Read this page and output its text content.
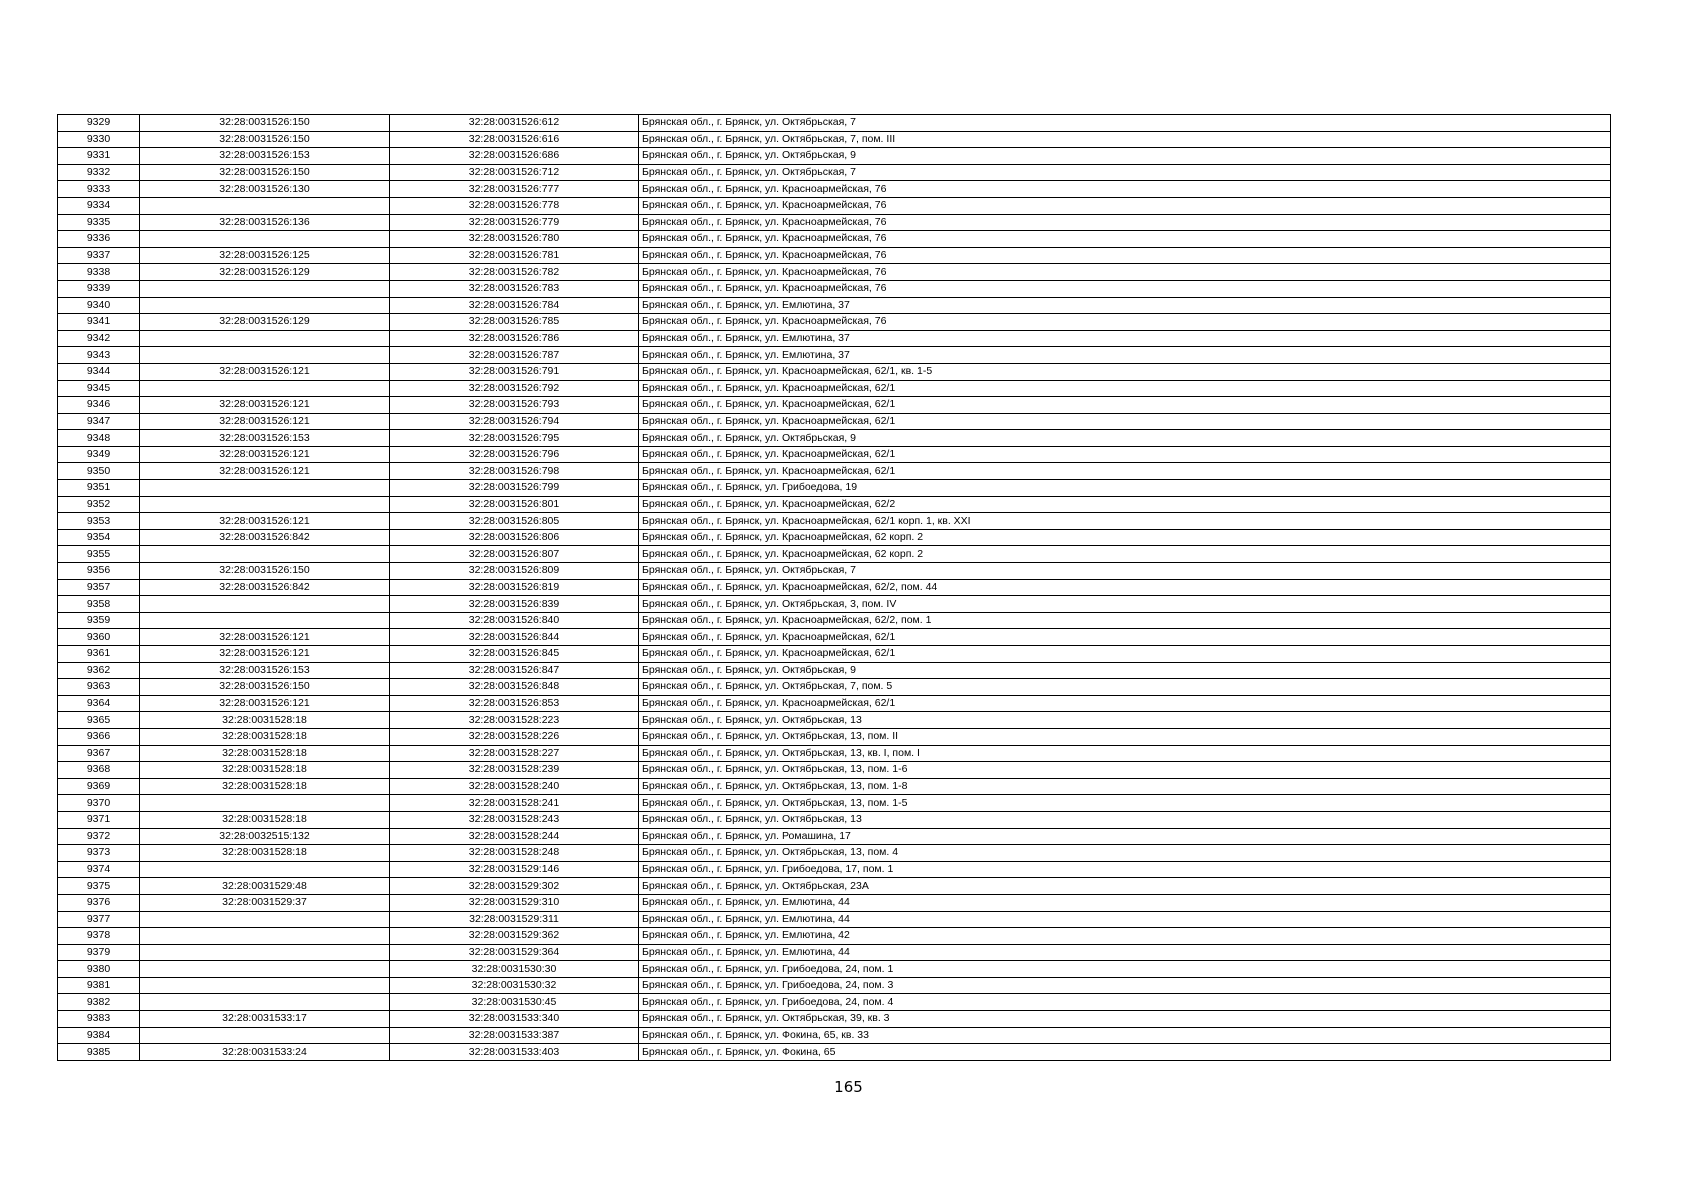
9329	32:28:0031526:150	32:28:0031526:612	Брянская обл., г. Брянск, ул. Октябрьская, 7
9330	32:28:0031526:150	32:28:0031526:616	Брянская обл., г. Брянск, ул. Октябрьская, 7, пом. III
9331	32:28:0031526:153	32:28:0031526:686	Брянская обл., г. Брянск, ул. Октябрьская, 9
9332	32:28:0031526:150	32:28:0031526:712	Брянская обл., г. Брянск, ул. Октябрьская, 7
9333	32:28:0031526:130	32:28:0031526:777	Брянская обл., г. Брянск, ул. Красноармейская, 76
9334		32:28:0031526:778	Брянская обл., г. Брянск, ул. Красноармейская, 76
9335	32:28:0031526:136	32:28:0031526:779	Брянская обл., г. Брянск, ул. Красноармейская, 76
9336		32:28:0031526:780	Брянская обл., г. Брянск, ул. Красноармейская, 76
9337	32:28:0031526:125	32:28:0031526:781	Брянская обл., г. Брянск, ул. Красноармейская, 76
9338	32:28:0031526:129	32:28:0031526:782	Брянская обл., г. Брянск, ул. Красноармейская, 76
9339		32:28:0031526:783	Брянская обл., г. Брянск, ул. Красноармейская, 76
9340		32:28:0031526:784	Брянская обл., г. Брянск, ул. Емлютина, 37
9341	32:28:0031526:129	32:28:0031526:785	Брянская обл., г. Брянск, ул. Красноармейская, 76
9342		32:28:0031526:786	Брянская обл., г. Брянск, ул. Емлютина, 37
9343		32:28:0031526:787	Брянская обл., г. Брянск, ул. Емлютина, 37
9344	32:28:0031526:121	32:28:0031526:791	Брянская обл., г. Брянск, ул. Красноармейская, 62/1, кв. 1-5
9345		32:28:0031526:792	Брянская обл., г. Брянск, ул. Красноармейская, 62/1
9346	32:28:0031526:121	32:28:0031526:793	Брянская обл., г. Брянск, ул. Красноармейская, 62/1
9347	32:28:0031526:121	32:28:0031526:794	Брянская обл., г. Брянск, ул. Красноармейская, 62/1
9348	32:28:0031526:153	32:28:0031526:795	Брянская обл., г. Брянск, ул. Октябрьская, 9
9349	32:28:0031526:121	32:28:0031526:796	Брянская обл., г. Брянск, ул. Красноармейская, 62/1
9350	32:28:0031526:121	32:28:0031526:798	Брянская обл., г. Брянск, ул. Красноармейская, 62/1
9351		32:28:0031526:799	Брянская обл., г. Брянск, ул. Грибоедова, 19
9352		32:28:0031526:801	Брянская обл., г. Брянск, ул. Красноармейская, 62/2
9353	32:28:0031526:121	32:28:0031526:805	Брянская обл., г. Брянск, ул. Красноармейская, 62/1 корп. 1, кв. XXI
9354	32:28:0031526:842	32:28:0031526:806	Брянская обл., г. Брянск, ул. Красноармейская, 62 корп. 2
9355		32:28:0031526:807	Брянская обл., г. Брянск, ул. Красноармейская, 62 корп. 2
9356	32:28:0031526:150	32:28:0031526:809	Брянская обл., г. Брянск, ул. Октябрьская, 7
9357	32:28:0031526:842	32:28:0031526:819	Брянская обл., г. Брянск, ул. Красноармейская, 62/2, пом. 44
9358		32:28:0031526:839	Брянская обл., г. Брянск, ул. Октябрьская, 3, пом. IV
9359		32:28:0031526:840	Брянская обл., г. Брянск, ул. Красноармейская, 62/2, пом. 1
9360	32:28:0031526:121	32:28:0031526:844	Брянская обл., г. Брянск, ул. Красноармейская, 62/1
9361	32:28:0031526:121	32:28:0031526:845	Брянская обл., г. Брянск, ул. Красноармейская, 62/1
9362	32:28:0031526:153	32:28:0031526:847	Брянская обл., г. Брянск, ул. Октябрьская, 9
9363	32:28:0031526:150	32:28:0031526:848	Брянская обл., г. Брянск, ул. Октябрьская, 7, пом. 5
9364	32:28:0031526:121	32:28:0031526:853	Брянская обл., г. Брянск, ул. Красноармейская, 62/1
9365	32:28:0031528:18	32:28:0031528:223	Брянская обл., г. Брянск, ул. Октябрьская, 13
9366	32:28:0031528:18	32:28:0031528:226	Брянская обл., г. Брянск, ул. Октябрьская, 13, пом. II
9367	32:28:0031528:18	32:28:0031528:227	Брянская обл., г. Брянск, ул. Октябрьская, 13, кв. I, пом. I
9368	32:28:0031528:18	32:28:0031528:239	Брянская обл., г. Брянск, ул. Октябрьская, 13, пом. 1-6
9369	32:28:0031528:18	32:28:0031528:240	Брянская обл., г. Брянск, ул. Октябрьская, 13, пом. 1-8
9370		32:28:0031528:241	Брянская обл., г. Брянск, ул. Октябрьская, 13, пом. 1-5
9371	32:28:0031528:18	32:28:0031528:243	Брянская обл., г. Брянск, ул. Октябрьская, 13
9372	32:28:0032515:132	32:28:0031528:244	Брянская обл., г. Брянск, ул. Ромашина, 17
9373	32:28:0031528:18	32:28:0031528:248	Брянская обл., г. Брянск, ул. Октябрьская, 13, пом. 4
9374		32:28:0031529:146	Брянская обл., г. Брянск, ул. Грибоедова, 17, пом. 1
9375	32:28:0031529:48	32:28:0031529:302	Брянская обл., г. Брянск, ул. Октябрьская, 23А
9376	32:28:0031529:37	32:28:0031529:310	Брянская обл., г. Брянск, ул. Емлютина, 44
9377		32:28:0031529:311	Брянская обл., г. Брянск, ул. Емлютина, 44
9378		32:28:0031529:362	Брянская обл., г. Брянск, ул. Емлютина, 42
9379		32:28:0031529:364	Брянская обл., г. Брянск, ул. Емлютина, 44
9380		32:28:0031530:30	Брянская обл., г. Брянск, ул. Грибоедова, 24, пом. 1
9381		32:28:0031530:32	Брянская обл., г. Брянск, ул. Грибоедова, 24, пом. 3
9382		32:28:0031530:45	Брянская обл., г. Брянск, ул. Грибоедова, 24, пом. 4
9383	32:28:0031533:17	32:28:0031533:340	Брянская обл., г. Брянск, ул. Октябрьская, 39, кв. 3
9384		32:28:0031533:387	Брянская обл., г. Брянск, ул. Фокина, 65, кв. 33
9385	32:28:0031533:24	32:28:0031533:403	Брянская обл., г. Брянск, ул. Фокина, 65
165
